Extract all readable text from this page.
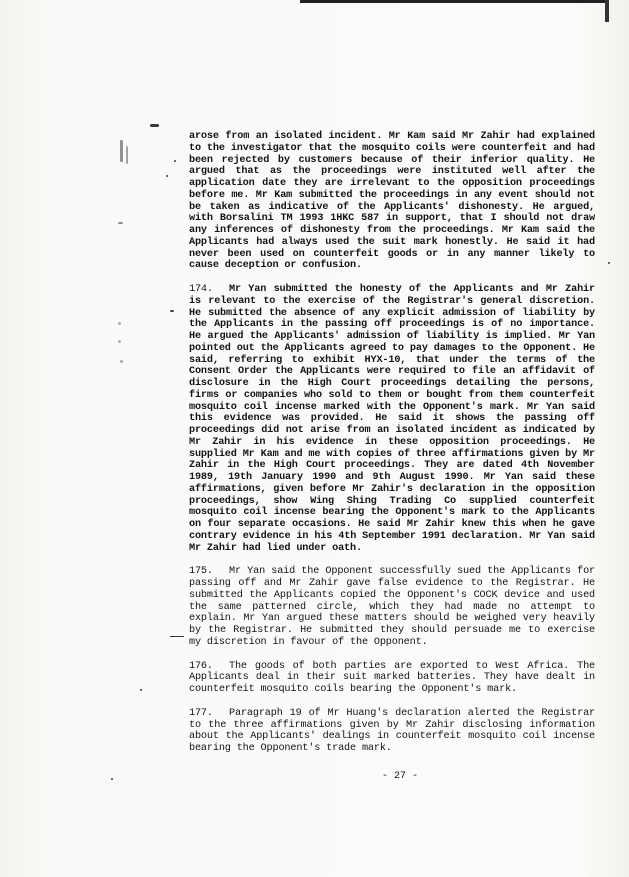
arose from an isolated incident. Mr Kam said Mr Zahir had explained to the investigator that the mosquito coils were counterfeit and had been rejected by customers because of their inferior quality. He argued that as the proceedings were instituted well after the application date they are irrelevant to the opposition proceedings before me. Mr Kam submitted the proceedings in any event should not be taken as indicative of the Applicants' dishonesty. He argued, with Borsalini TM 1993 1HKC 587 in support, that I should not draw any inferences of dishonesty from the proceedings. Mr Kam said the Applicants had always used the suit mark honestly. He said it had never been used on counterfeit goods or in any manner likely to cause deception or confusion.

174. Mr Yan submitted the honesty of the Applicants and Mr Zahir is relevant to the exercise of the Registrar's general discretion. He submitted the absence of any explicit admission of liability by the Applicants in the passing off proceedings is of no importance. He argued the Applicants' admission of liability is implied. Mr Yan pointed out the Applicants agreed to pay damages to the Opponent. He said, referring to exhibit HYX-10, that under the terms of the Consent Order the Applicants were required to file an affidavit of disclosure in the High Court proceedings detailing the persons, firms or companies who sold to them or bought from them counterfeit mosquito coil incense marked with the Opponent's mark. Mr Yan said this evidence was provided. He said it shows the passing off proceedings did not arise from an isolated incident as indicated by Mr Zahir in his evidence in these opposition proceedings. He supplied Mr Kam and me with copies of three affirmations given by Mr Zahir in the High Court proceedings. They are dated 4th November 1989, 19th January 1990 and 9th August 1990. Mr Yan said these affirmations, given before Mr Zahir's declaration in the opposition proceedings, show Wing Shing Trading Co supplied counterfeit mosquito coil incense bearing the Opponent's mark to the Applicants on four separate occasions. He said Mr Zahir knew this when he gave contrary evidence in his 4th September 1991 declaration. Mr Yan said Mr Zahir had lied under oath.

175. Mr Yan said the Opponent successfully sued the Applicants for passing off and Mr Zahir gave false evidence to the Registrar. He submitted the Applicants copied the Opponent's COCK device and used the same patterned circle, which they had made no attempt to explain. Mr Yan argued these matters should be weighed very heavily by the Registrar. He submitted they should persuade me to exercise my discretion in favour of the Opponent.

176. The goods of both parties are exported to West Africa. The Applicants deal in their suit marked batteries. They have dealt in counterfeit mosquito coils bearing the Opponent's mark.

177. Paragraph 19 of Mr Huang's declaration alerted the Registrar to the three affirmations given by Mr Zahir disclosing information about the Applicants' dealings in counterfeit mosquito coil incense bearing the Opponent's trade mark.

- 27 -
